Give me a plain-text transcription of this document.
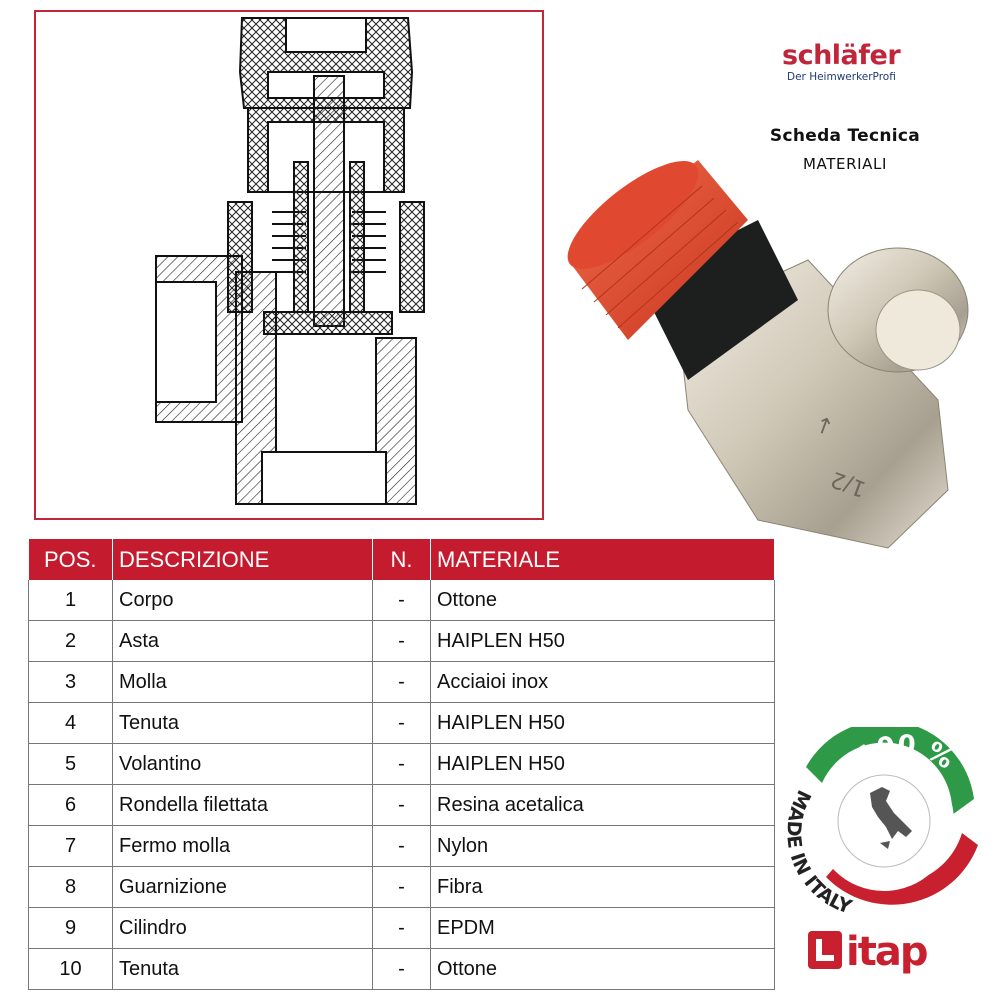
schläfer
Der HeimwerkerProfi
Scheda Tecnica
MATERIALI
↑
1/2
POS.	DESCRIZIONE	N.	MATERIALE
1	Corpo	-	Ottone
2	Asta	-	HAIPLEN H50
3	Molla	-	Acciaioi inox
4	Tenuta	-	HAIPLEN H50
5	Volantino	-	HAIPLEN H50
6	Rondella filettata	-	Resina acetalica
7	Fermo molla	-	Nylon
8	Guarnizione	-	Fibra
9	Cilindro	-	EPDM
10	Tenuta	-	Ottone
100 %
M IN ITALY
itap
